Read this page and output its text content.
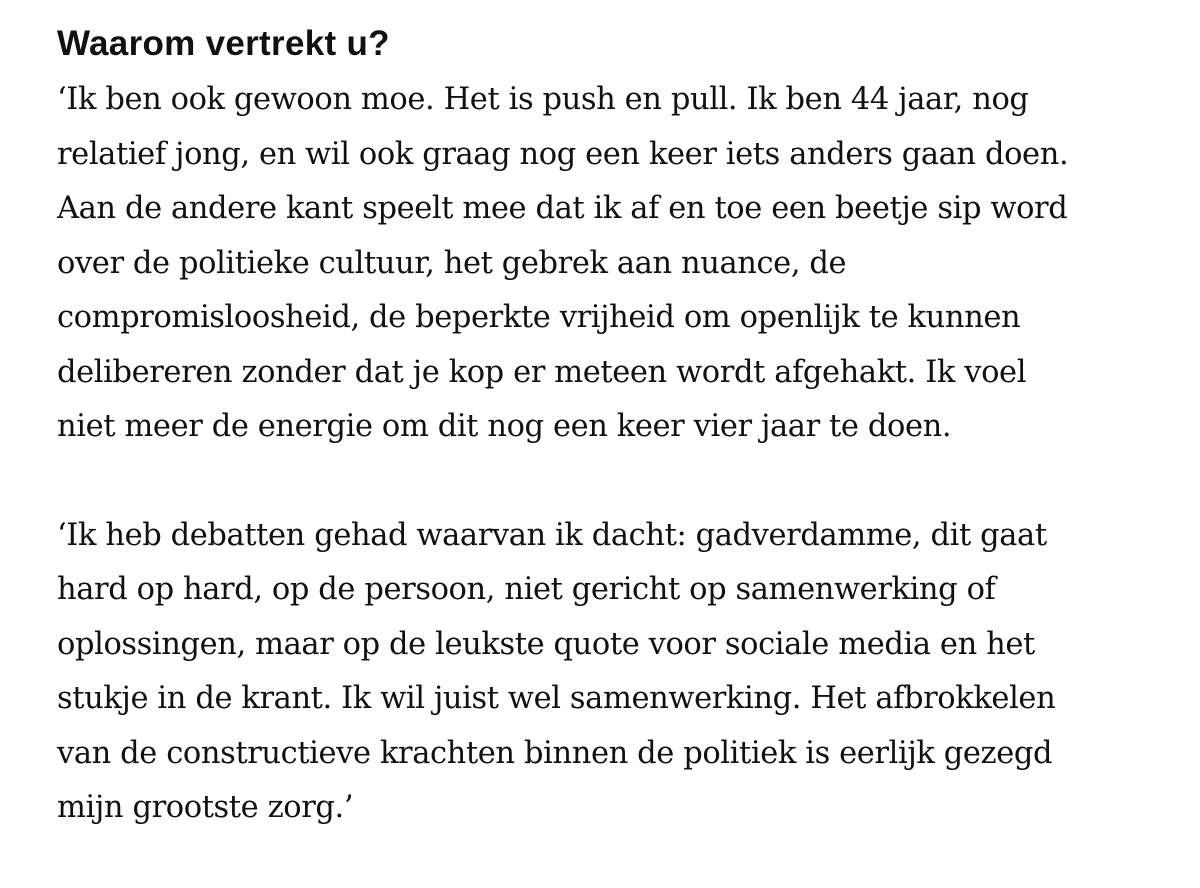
Waarom vertrekt u?

‘Ik ben ook gewoon moe. Het is push en pull. Ik ben 44 jaar, nog
relatief jong, en wil ook graag nog een keer iets anders gaan doen.
Aan de andere kant speelt mee dat ik af en toe een beetje sip word
over de politieke cultuur, het gebrek aan nuance, de
compromisloosheid, de beperkte vrijheid om openlijk te kunnen
delibereren zonder dat je kop er meteen wordt afgehakt. Ik voel
niet meer de energie om dit nog een keer vier jaar te doen.

‘Ik heb debatten gehad waarvan ik dacht: gadverdamme, dit gaat
hard op hard, op de persoon, niet gericht op samenwerking of
oplossingen, maar op de leukste quote voor sociale media en het
stukje in de krant. Ik wil juist wel samenwerking. Het afbrokkelen
van de constructieve krachten binnen de politiek is eerlijk gezegd
mijn grootste zorg.’
